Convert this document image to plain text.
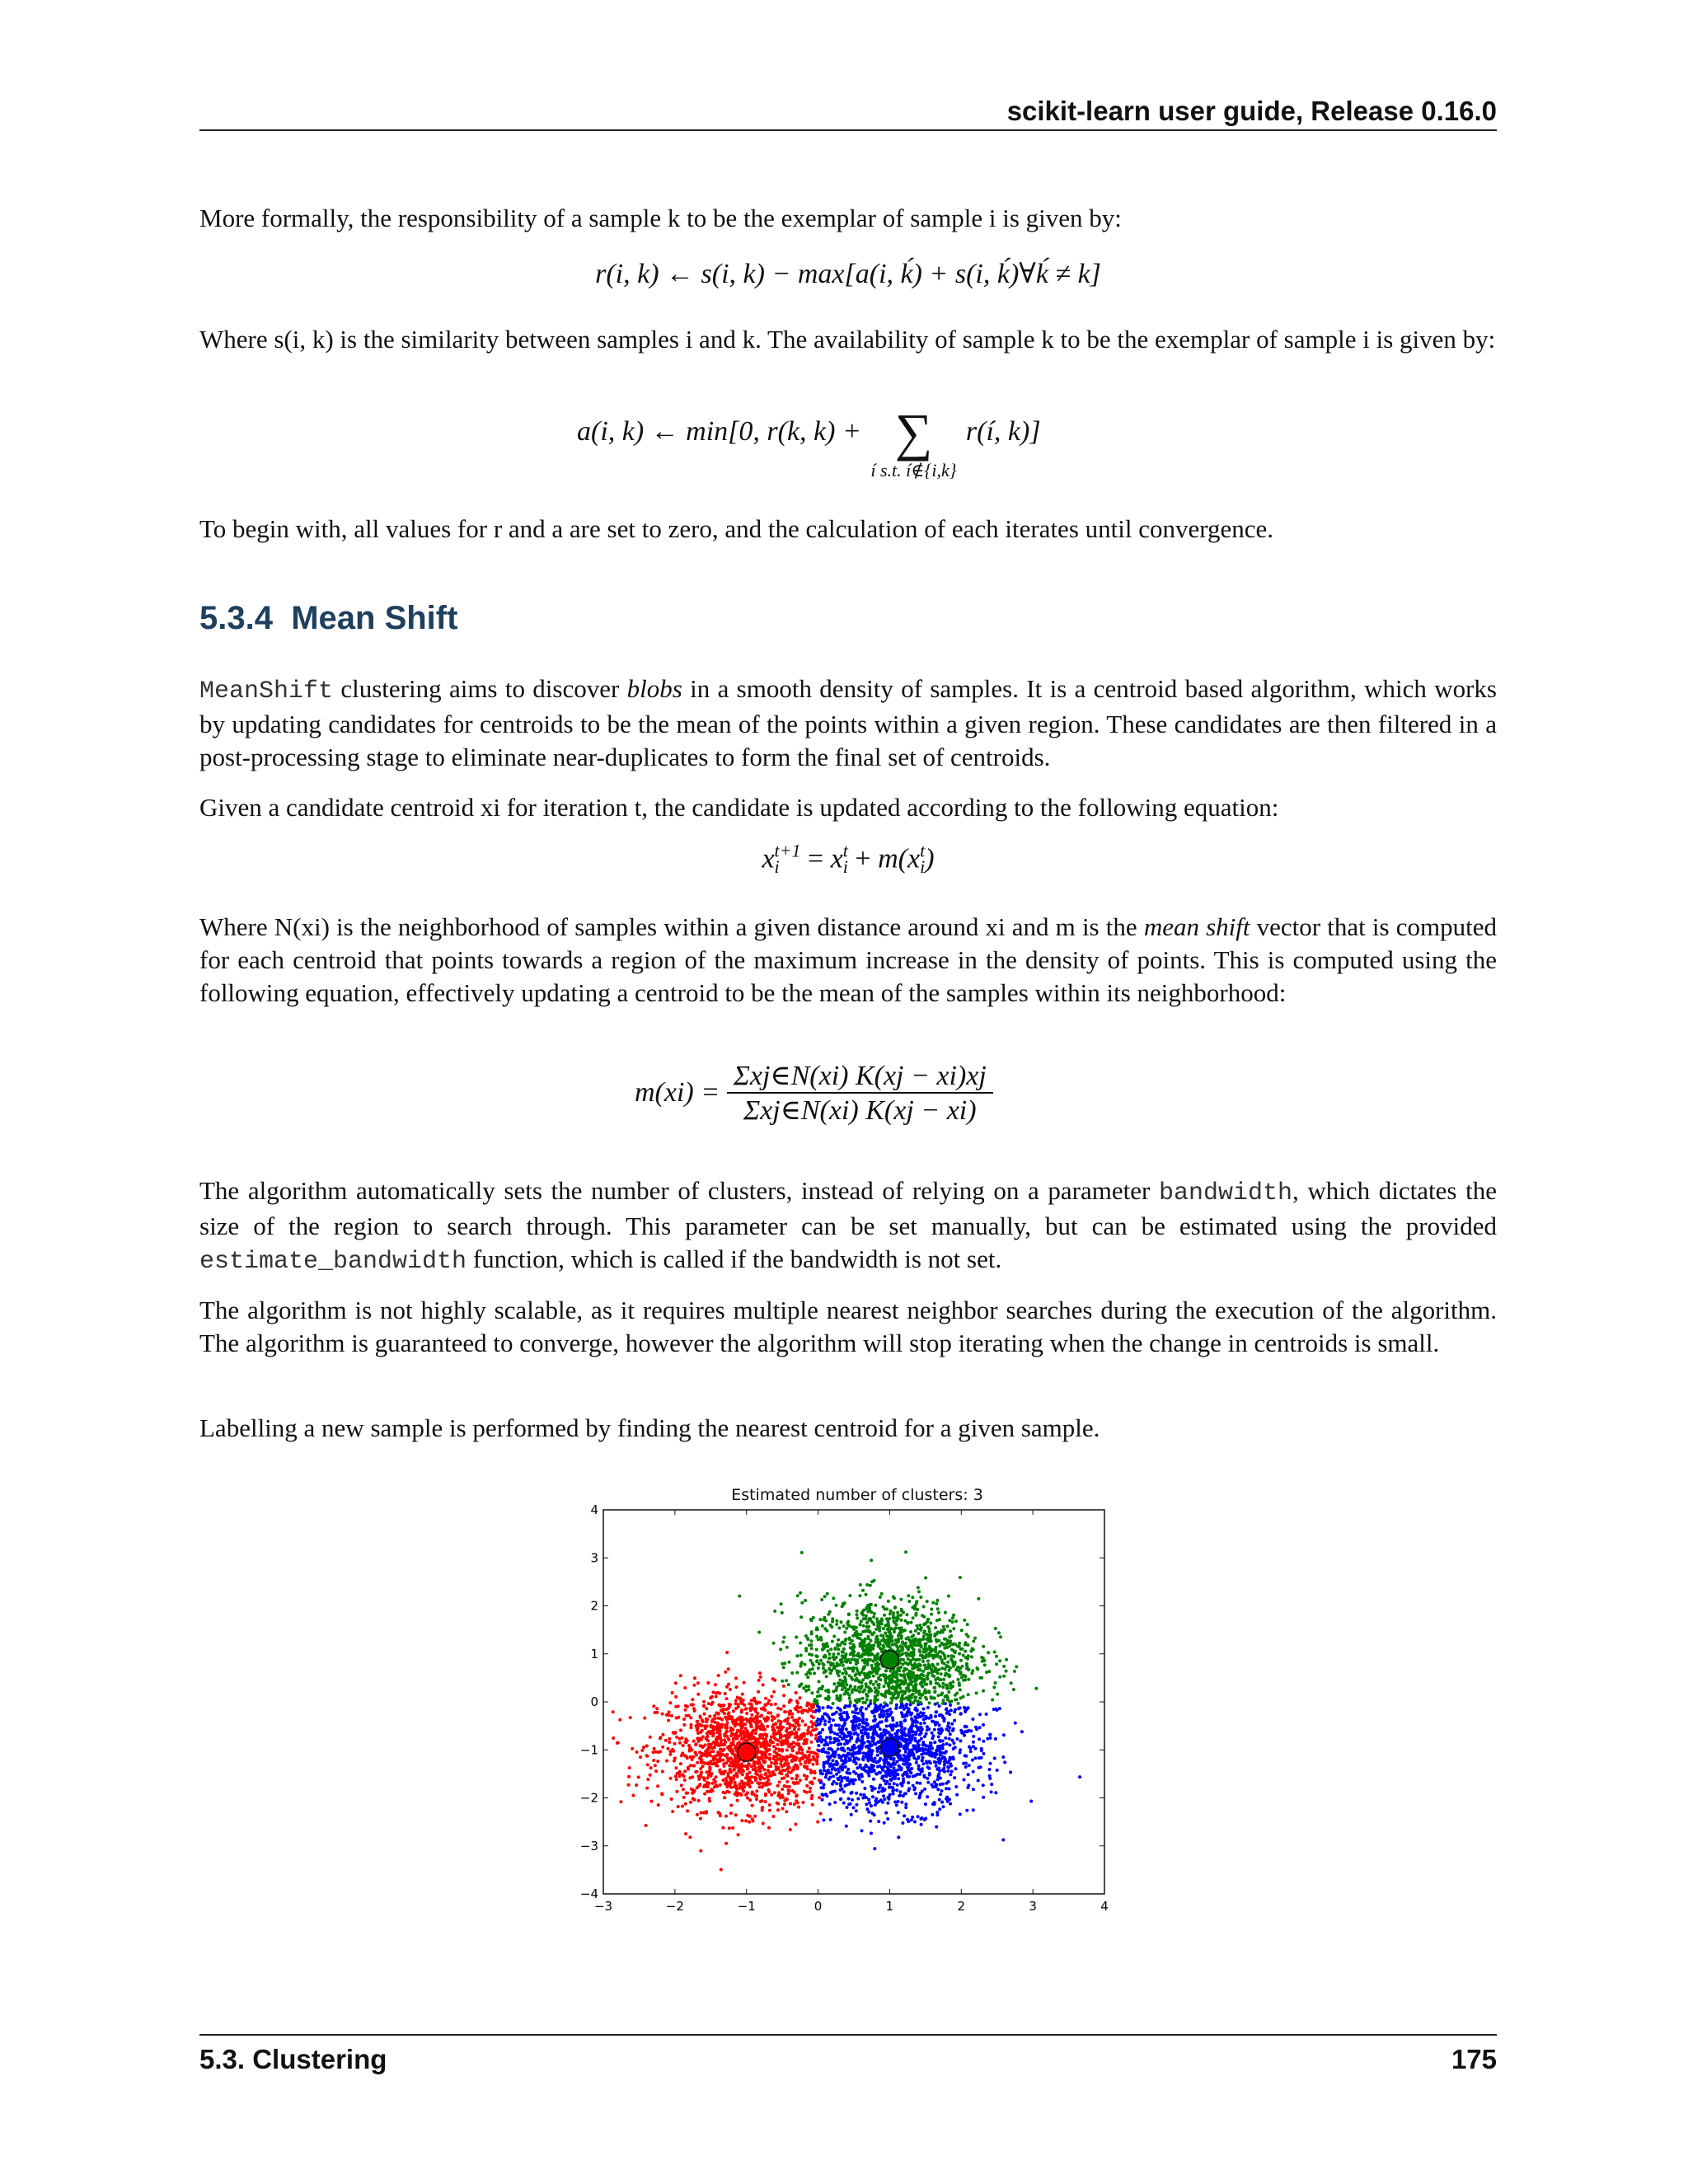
scikit-learn user guide, Release 0.16.0
More formally, the responsibility of a sample k to be the exemplar of sample i is given by:
r(i, k) ← s(i, k) − max[a(i, ḱ) + s(i, ḱ)∀ḱ ≠ k]
Where s(i, k) is the similarity between samples i and k. The availability of sample k to be the exemplar of sample i is given by:
a(i, k) ← min[0, r(k, k) + ∑
í s.t. í∉{i,k}
r(í, k)]
To begin with, all values for r and a are set to zero, and the calculation of each iterates until convergence.
5.3.4 Mean Shift
MeanShift clustering aims to discover blobs in a smooth density of samples. It is a centroid based algorithm, which works by updating candidates for centroids to be the mean of the points within a given region. These candidates are then filtered in a post-processing stage to eliminate near-duplicates to form the final set of centroids.
Given a candidate centroid xi for iteration t, the candidate is updated according to the following equation:
$x^{t+1}$
$i = x^t$
$i + m(x^t$
i )
Where N(xi) is the neighborhood of samples within a given distance around xi and m is the mean shift vector that is computed for each centroid that points towards a region of the maximum increase in the density of points. This is computed using the following equation, effectively updating a centroid to be the mean of the samples within its neighborhood:
$m(xi) = \frac{\text{Σxj∈N(xi) K(xj − xi)xj}}{\text{Σxj∈N(xi) K(xj − xi)}}$
The algorithm automatically sets the number of clusters, instead of relying on a parameter bandwidth, which dictates the size of the region to search through. This parameter can be set manually, but can be estimated using the provided estimate_bandwidth function, which is called if the bandwidth is not set.
The algorithm is not highly scalable, as it requires multiple nearest neighbor searches during the execution of the algorithm. The algorithm is guaranteed to converge, however the algorithm will stop iterating when the change in centroids is small.
Labelling a new sample is performed by finding the nearest centroid for a given sample.
Estimated number of clusters: 3
−3	−2	−1	0	1	2	3	4
4
3
2
1
0
−1
−2
−3
−4
5.3. Clustering	175
